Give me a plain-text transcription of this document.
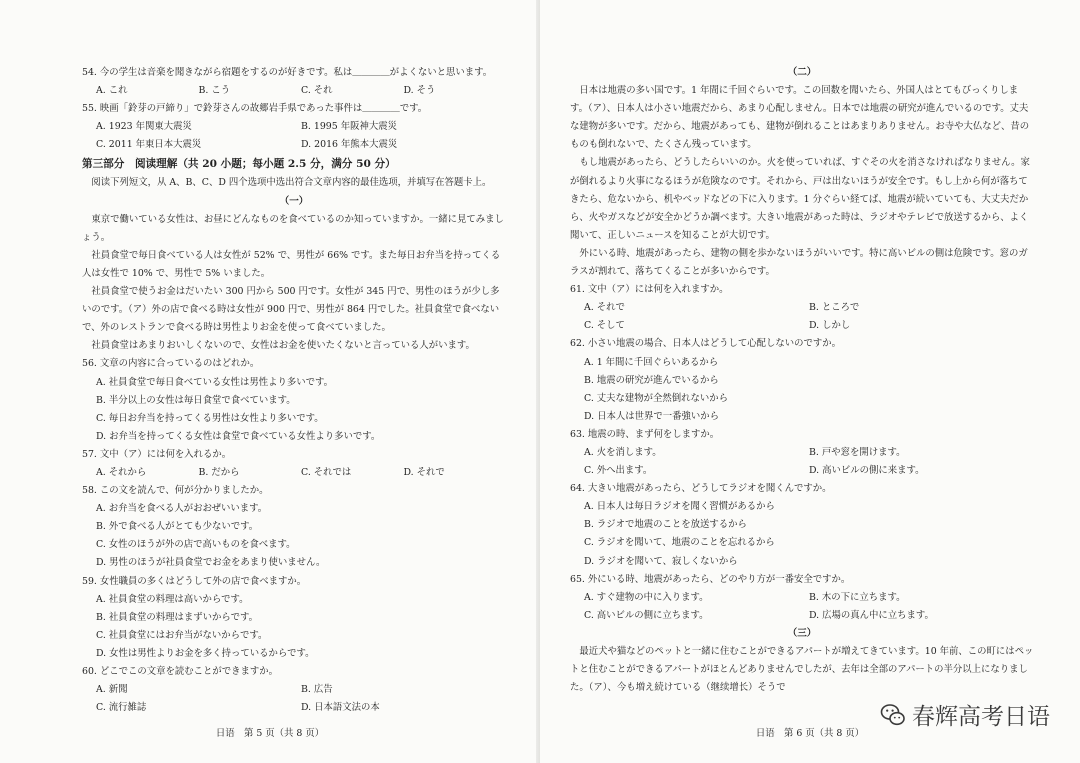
54. 今の学生は音楽を聞きながら宿題をするのが好きです。私は＿＿＿＿がよくないと思います。
A. これ	B. こう	C. それ	D. そう
55. 映画「鈴芽の戸締り」で鈴芽さんの故郷岩手県であった事件は＿＿＿＿です。
A. 1923 年関東大震災	B. 1995 年阪神大震災
C. 2011 年東日本大震災	D. 2016 年熊本大震災
第三部分　阅读理解（共 20 小题；每小题 2.5 分，满分 50 分）
阅读下列短文，从 A、B、C、D 四个选项中选出符合文章内容的最佳选项，并填写在答题卡上。
（一）
東京で働いている女性は、お昼にどんなものを食べているのか知っていますか。一緒に見てみましょう。
社員食堂で毎日食べている人は女性が 52% で、男性が 66% です。また毎日お弁当を持ってくる人は女性で 10% で、男性で 5% いました。
社員食堂で使うお金はだいたい 300 円から 500 円です。女性が 345 円で、男性のほうが少し多いのです。（ア）外の店で食べる時は女性が 900 円で、男性が 864 円でした。社員食堂で食べないで、外のレストランで食べる時は男性よりお金を使って食べていました。
社員食堂はあまりおいしくないので、女性はお金を使いたくないと言っている人がいます。
56. 文章の内容に合っているのはどれか。
A. 社員食堂で毎日食べている女性は男性より多いです。
B. 半分以上の女性は毎日食堂で食べています。
C. 毎日お弁当を持ってくる男性は女性より多いです。
D. お弁当を持ってくる女性は食堂で食べている女性より多いです。
57. 文中（ア）には何を入れるか。
A. それから	B. だから	C. それでは	D. それで
58. この文を読んで、何が分かりましたか。
A. お弁当を食べる人がおおぜいいます。
B. 外で食べる人がとても少ないです。
C. 女性のほうが外の店で高いものを食べます。
D. 男性のほうが社員食堂でお金をあまり使いません。
59. 女性職員の多くはどうして外の店で食べますか。
A. 社員食堂の料理は高いからです。
B. 社員食堂の料理はまずいからです。
C. 社員食堂にはお弁当がないからです。
D. 女性は男性よりお金を多く持っているからです。
60. どこでこの文章を読むことができますか。
A. 新聞	B. 広告
C. 流行雑誌	D. 日本語文法の本
日语　第 5 页（共 8 页）
（二）
日本は地震の多い国です。1 年間に千回ぐらいです。この回数を聞いたら、外国人はとてもびっくりします。（ア）、日本人は小さい地震だから、あまり心配しません。日本では地震の研究が進んでいるのです。丈夫な建物が多いです。だから、地震があっても、建物が倒れることはあまりありません。お寺や大仏など、昔のものも倒れないで、たくさん残っています。
もし地震があったら、どうしたらいいのか。火を使っていれば、すぐその火を消さなければなりません。家が倒れるより火事になるほうが危険なのです。それから、戸は出ないほうが安全です。もし上から何が落ちてきたら、危ないから、机やベッドなどの下に入ります。1 分ぐらい経てば、地震が続いていても、大丈夫だから、火やガスなどが安全かどうか調べます。大きい地震があった時は、ラジオやテレビで放送するから、よく聞いて、正しいニュースを知ることが大切です。
外にいる時、地震があったら、建物の側を歩かないほうがいいです。特に高いビルの側は危険です。窓のガラスが割れて、落ちてくることが多いからです。
61. 文中（ア）には何を入れますか。
A. それで	B. ところで
C. そして	D. しかし
62. 小さい地震の場合、日本人はどうして心配しないのですか。
A. 1 年間に千回ぐらいあるから
B. 地震の研究が進んでいるから
C. 丈夫な建物が全然倒れないから
D. 日本人は世界で一番強いから
63. 地震の時、まず何をしますか。
A. 火を消します。	B. 戸や窓を開けます。
C. 外へ出ます。	D. 高いビルの側に来ます。
64. 大きい地震があったら、どうしてラジオを聞くんですか。
A. 日本人は毎日ラジオを聞く習慣があるから
B. ラジオで地震のことを放送するから
C. ラジオを聞いて、地震のことを忘れるから
D. ラジオを聞いて、寂しくないから
65. 外にいる時、地震があったら、どのやり方が一番安全ですか。
A. すぐ建物の中に入ります。	B. 木の下に立ちます。
C. 高いビルの側に立ちます。	D. 広場の真ん中に立ちます。
（三）
最近犬や猫などのペットと一緒に住むことができるアパートが増えてきています。10 年前、この町にはペットと住むことができるアパートがほとんどありませんでしたが、去年は全部のアパートの半分以上になりました。（ア）、今も増え続けている（继续增长）そうで
日语　第 6 页（共 8 页）
春辉高考日语
